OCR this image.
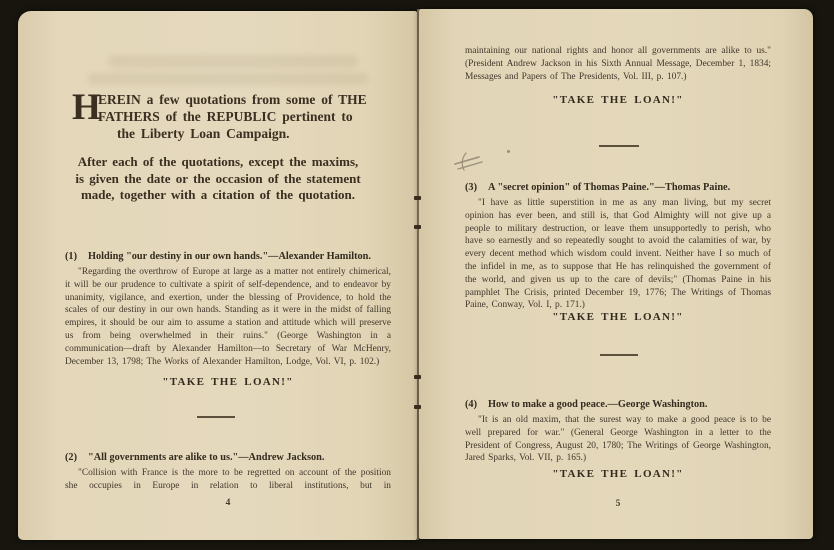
H
EREIN a few quotations from some of THE
FATHERS of the REPUBLIC pertinent to
the Liberty Loan Campaign.
After each of the quotations, except the maxims,
is given the date or the occasion of the statement
made, together with a citation of the quotation.
(1) Holding "our destiny in our own hands."—Alexander Hamilton.
"Regarding the overthrow of Europe at large as a matter not entirely chimerical, it will be our prudence to cultivate a spirit of self-dependence, and to endeavor by unanimity, vigilance, and exertion, under the blessing of Providence, to hold the scales of our destiny in our own hands. Standing as it were in the midst of falling empires, it should be our aim to assume a station and attitude which will preserve us from being overwhelmed in their ruins." (George Washington in a communication—draft by Alexander Hamilton—to Secretary of War McHenry, December 13, 1798; The Works of Alexander Hamilton, Lodge, Vol. VI, p. 102.)
"TAKE THE LOAN!"
(2) "All governments are alike to us."—Andrew Jackson.
"Collision with France is the more to be regretted on account of the position she occupies in Europe in relation to liberal institutions, but in
4
maintaining our national rights and honor all governments are alike to us." (President Andrew Jackson in his Sixth Annual Message, December 1, 1834; Messages and Papers of The Presidents, Vol. III, p. 107.)
"TAKE THE LOAN!"
(3) A "secret opinion" of Thomas Paine."—Thomas Paine.
"I have as little superstition in me as any man living, but my secret opinion has ever been, and still is, that God Almighty will not give up a people to military destruction, or leave them unsupportedly to perish, who have so earnestly and so repeatedly sought to avoid the calamities of war, by every decent method which wisdom could invent. Neither have I so much of the infidel in me, as to suppose that He has relinquished the government of the world, and given us up to the care of devils;" (Thomas Paine in his pamphlet The Crisis, printed December 19, 1776; The Writings of Thomas Paine, Conway, Vol. I, p. 171.)
"TAKE THE LOAN!"
(4) How to make a good peace.—George Washington.
"It is an old maxim, that the surest way to make a good peace is to be well prepared for war." (General George Washington in a letter to the President of Congress, August 20, 1780; The Writings of George Washington, Jared Sparks, Vol. VII, p. 165.)
"TAKE THE LOAN!"
5
